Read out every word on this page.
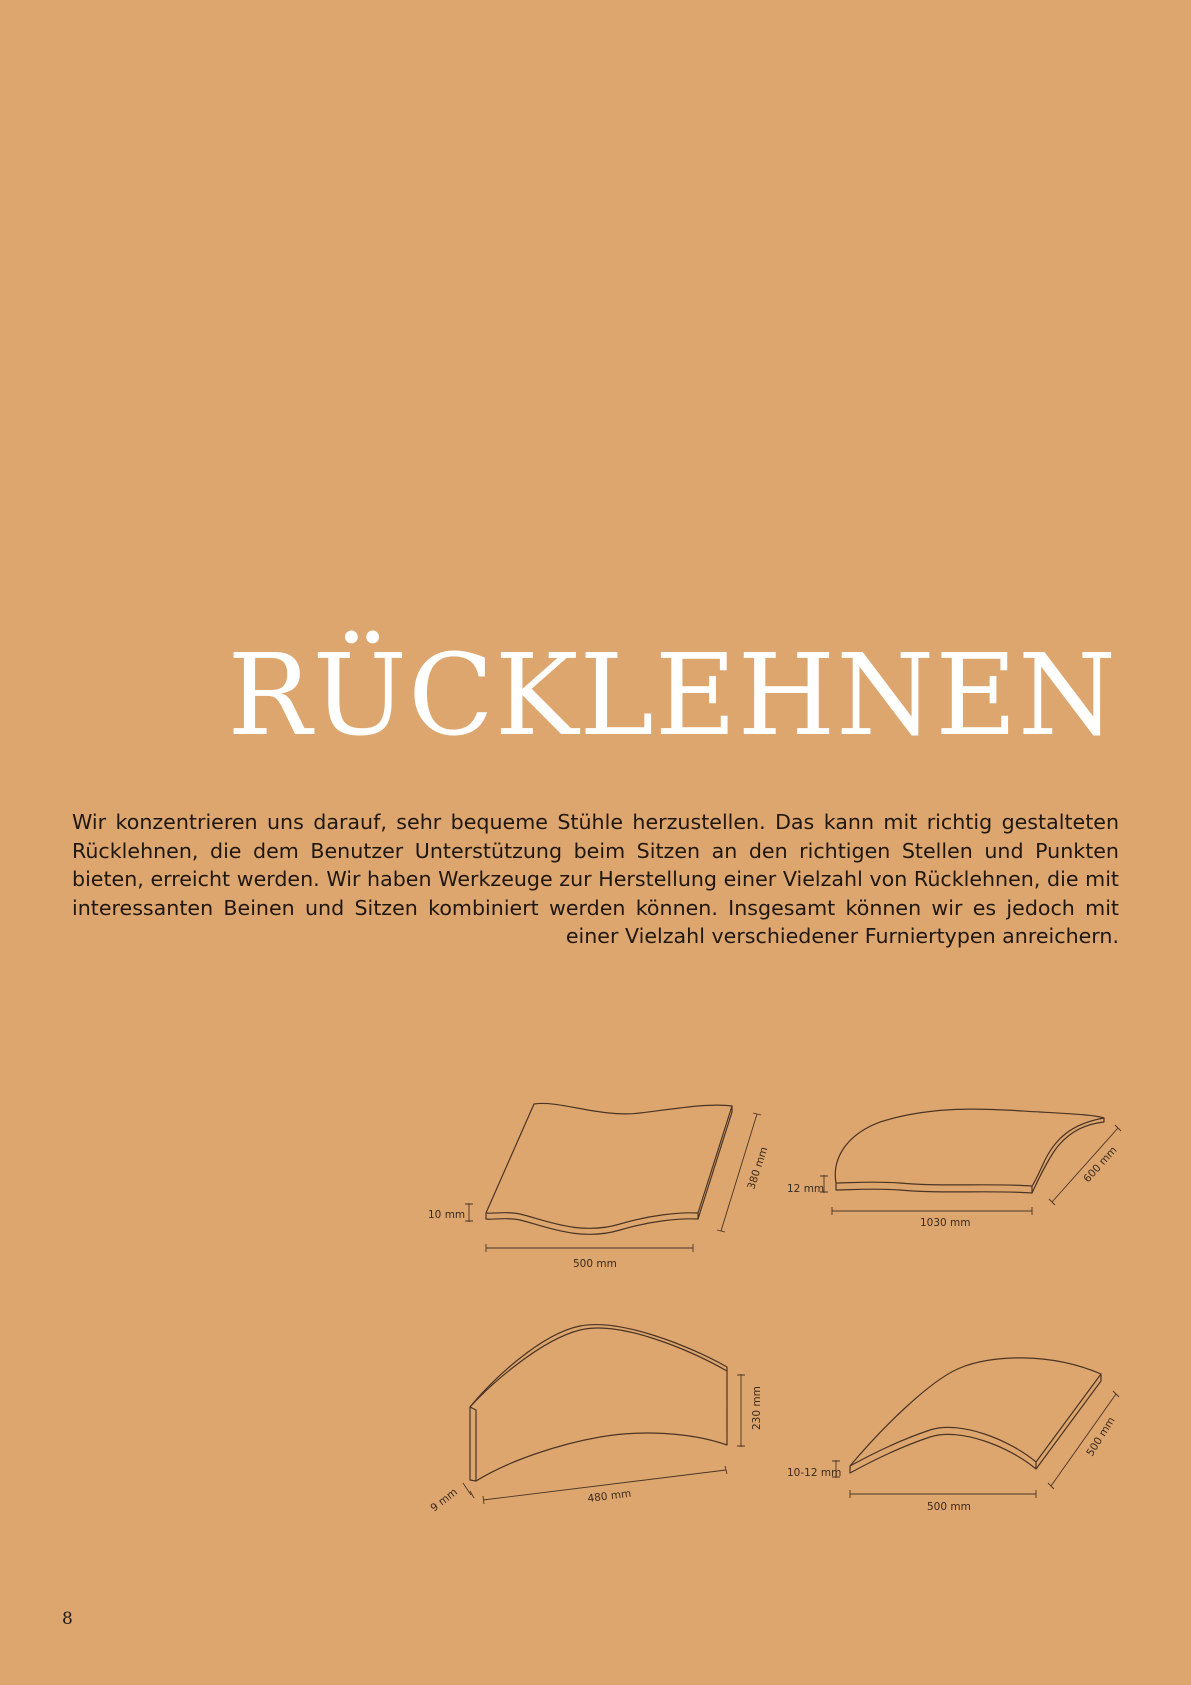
RÜCKLEHNEN

Wir konzentrieren uns darauf, sehr bequeme Stühle herzustellen. Das kann mit richtig gestalteten Rücklehnen, die dem Benutzer Unterstützung beim Sitzen an den richtigen Stellen und Punkten bieten, erreicht werden. Wir haben Werkzeuge zur Herstellung einer Vielzahl von Rücklehnen, die mit interessanten Beinen und Sitzen kombiniert werden können. Insgesamt können wir es jedoch mit einer Vielzahl verschiedener Furniertypen anreichern.

10 mm
500 mm
380 mm 12 mm
1030 mm
600 mm
9 mm	480 mm
230 mm
10-12 mm
500 mm
500 mm
8
